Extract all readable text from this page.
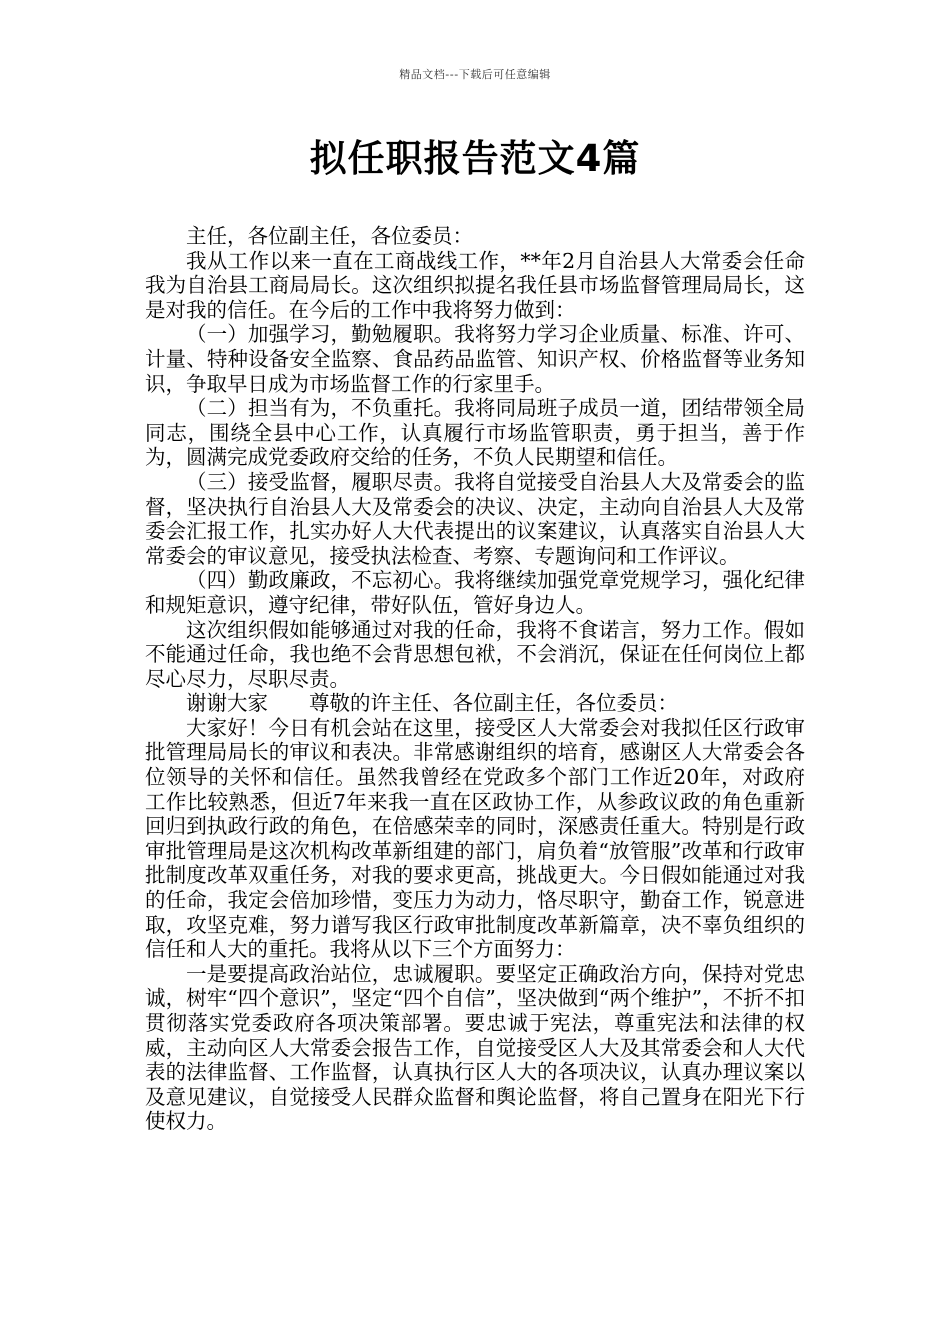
精品文档---下载后可任意编辑
拟任职报告范文4篇

主任，各位副主任，各位委员：

我从工作以来一直在工商战线工作，**年2月自治县人大常委会任命我为自治县工商局局长。这次组织拟提名我任县市场监督管理局局长，这是对我的信任。在今后的工作中我将努力做到：

（一）加强学习，勤勉履职。我将努力学习企业质量、标准、许可、计量、特种设备安全监察、食品药品监管、知识产权、价格监督等业务知识，争取早日成为市场监督工作的行家里手。

（二）担当有为，不负重托。我将同局班子成员一道，团结带领全局同志，围绕全县中心工作，认真履行市场监管职责，勇于担当，善于作为，圆满完成党委政府交给的任务，不负人民期望和信任。

（三）接受监督，履职尽责。我将自觉接受自治县人大及常委会的监督，坚决执行自治县人大及常委会的决议、决定，主动向自治县人大及常委会汇报工作，扎实办好人大代表提出的议案建议，认真落实自治县人大常委会的审议意见，接受执法检查、考察、专题询问和工作评议。

（四）勤政廉政，不忘初心。我将继续加强党章党规学习，强化纪律和规矩意识，遵守纪律，带好队伍，管好身边人。

这次组织假如能够通过对我的任命，我将不食诺言，努力工作。假如不能通过任命，我也绝不会背思想包袱，不会消沉，保证在任何岗位上都尽心尽力，尽职尽责。

谢谢大家　　尊敬的许主任、各位副主任，各位委员：

大家好！今日有机会站在这里，接受区人大常委会对我拟任区行政审批管理局局长的审议和表决。非常感谢组织的培育，感谢区人大常委会各位领导的关怀和信任。虽然我曾经在党政多个部门工作近20年，对政府工作比较熟悉，但近7年来我一直在区政协工作，从参政议政的角色重新回归到执政行政的角色，在倍感荣幸的同时，深感责任重大。特别是行政审批管理局是这次机构改革新组建的部门，肩负着“放管服”改革和行政审批制度改革双重任务，对我的要求更高，挑战更大。今日假如能通过对我的任命，我定会倍加珍惜，变压力为动力，恪尽职守，勤奋工作，锐意进取，攻坚克难，努力谱写我区行政审批制度改革新篇章，决不辜负组织的信任和人大的重托。我将从以下三个方面努力：

一是要提高政治站位，忠诚履职。要坚定正确政治方向，保持对党忠诚，树牢“四个意识”，坚定“四个自信”，坚决做到“两个维护”，不折不扣贯彻落实党委政府各项决策部署。要忠诚于宪法，尊重宪法和法律的权威，主动向区人大常委会报告工作，自觉接受区人大及其常委会和人大代表的法律监督、工作监督，认真执行区人大的各项决议，认真办理议案以及意见建议，自觉接受人民群众监督和舆论监督，将自己置身在阳光下行使权力。
